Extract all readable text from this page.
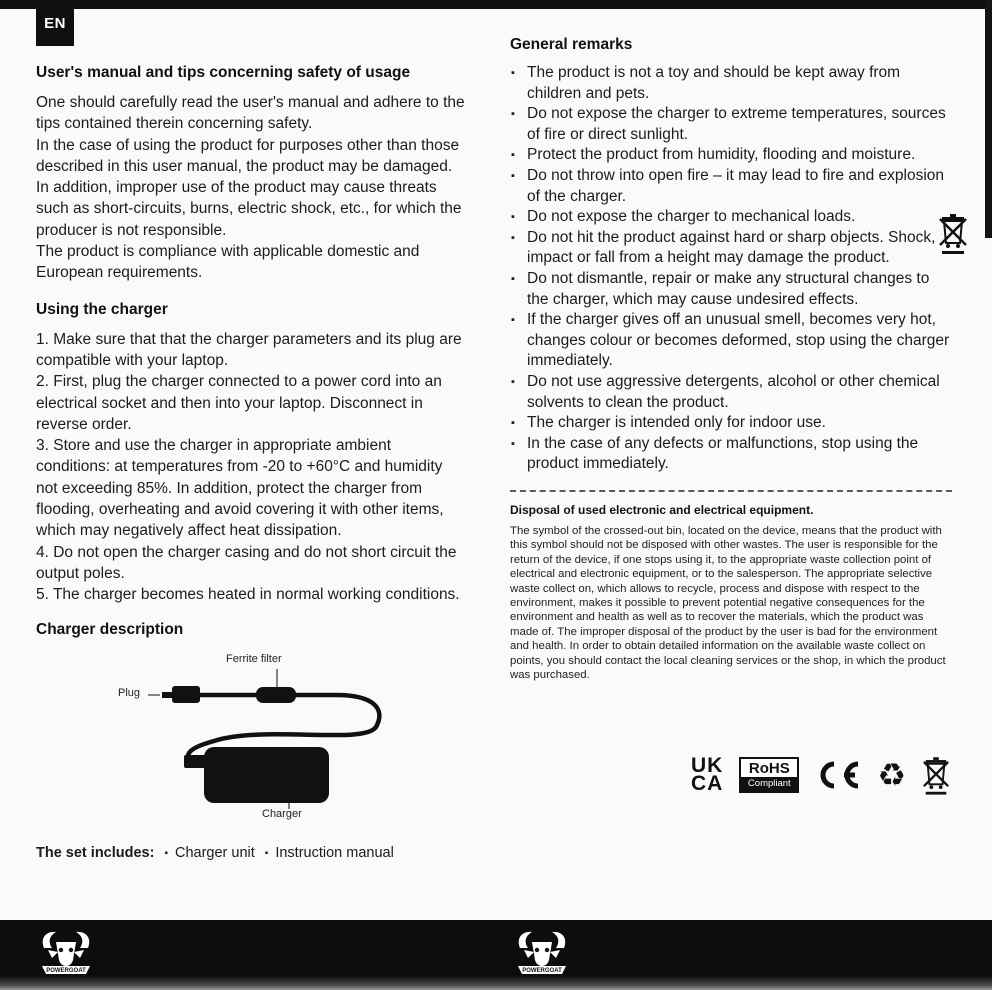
EN
User's manual and tips concerning safety of usage

One should carefully read the user's manual and adhere to the tips contained therein concerning safety.

In the case of using the product for purposes other than those described in this user manual, the product may be damaged. In addition, improper use of the product may cause threats such as short-circuits, burns, electric shock, etc., for which the producer is not responsible.

The product is compliance with applicable domestic and European requirements.

Using the charger

1. Make sure that that the charger parameters and its plug are compatible with your laptop.

2. First, plug the charger connected to a power cord into an electrical socket and then into your laptop. Disconnect in reverse order.

3. Store and use the charger in appropriate ambient conditions: at temperatures from -20 to +60°C and humidity not exceeding 85%. In addition, protect the charger from flooding, overheating and avoid covering it with other items, which may negatively affect heat dissipation.

4. Do not open the charger casing and do not short circuit the output poles.

5. The charger becomes heated in normal working conditions.

Charger description
Ferrite filter
Plug
Charger

The set includes: ▪ Charger unit ▪ Instruction manual

General remarks
▪ The product is not a toy and should be kept away from children and pets.
▪ Do not expose the charger to extreme temperatures, sources of fire or direct sunlight.
▪ Protect the product from humidity, flooding and moisture.
▪ Do not throw into open fire – it may lead to fire and explosion of the charger.
▪ Do not expose the charger to mechanical loads.
▪ Do not hit the product against hard or sharp objects. Shock, impact or fall from a height may damage the product.
▪ Do not dismantle, repair or make any structural changes to the charger, which may cause undesired effects.
▪ If the charger gives off an unusual smell, becomes very hot, changes colour or becomes deformed, stop using the charger immediately.
▪ Do not use aggressive detergents, alcohol or other chemical solvents to clean the product.
▪ The charger is intended only for indoor use.
▪ In the case of any defects or malfunctions, stop using the product immediately.
Disposal of used electronic and electrical equipment.

The symbol of the crossed-out bin, located on the device, means that the product with this symbol should not be disposed with other wastes. The user is responsible for the return of the device, if one stops using it, to the appropriate waste collection point of electrical and electronic equipment, or to the salesperson. The appropriate selective waste collect on, which allows to recycle, process and dispose with respect to the environment, makes it possible to prevent potential negative consequences for the environment and health as well as to recover the materials, which the product was made of. The improper disposal of the product by the user is bad for the environment and health. In order to obtain detailed information on the available waste collect on points, you should contact the local cleaning services or the shop, in which the product was purchased.

UK
CA
RoHS
Compliant	♻
POWERGOAT	POWERGOAT
